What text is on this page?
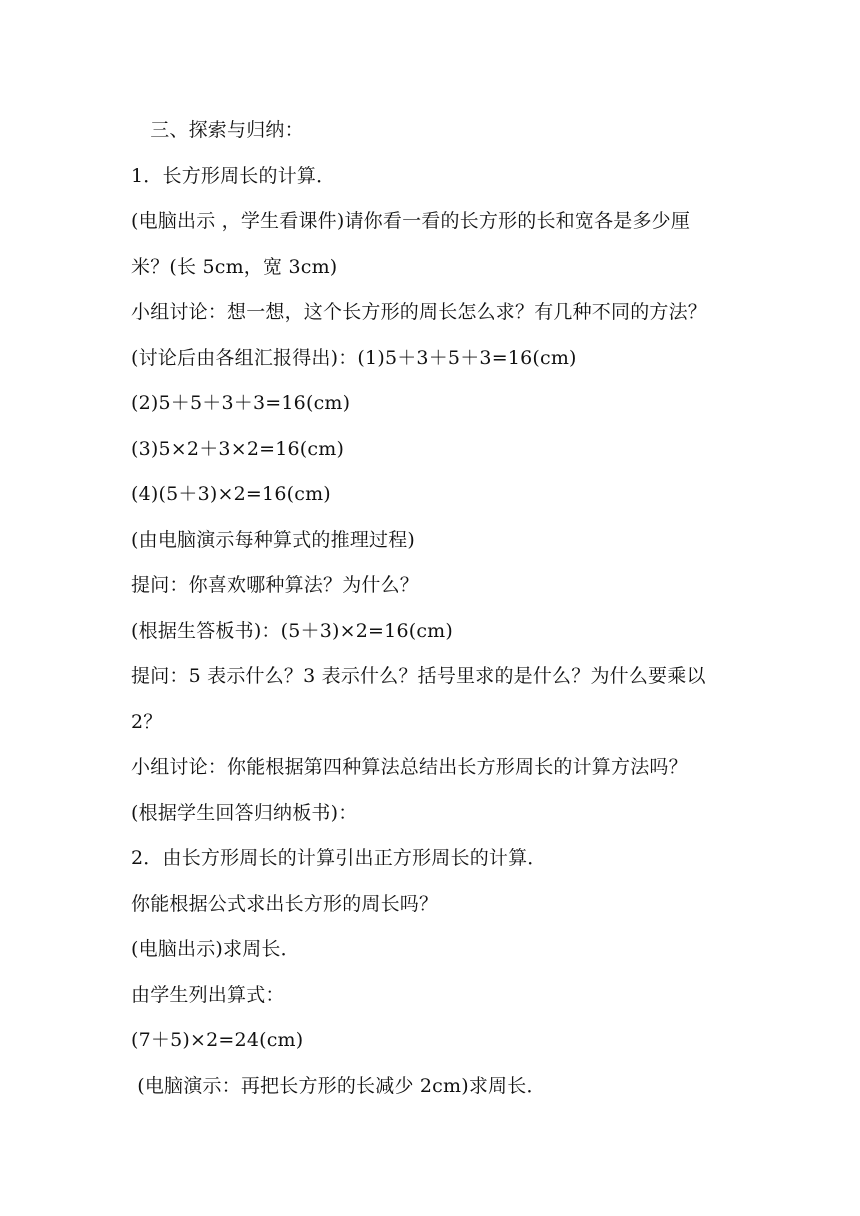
　三、探索与归纳：
1．长方形周长的计算．
(电脑出示 ，学生看课件)请你看一看的长方形的长和宽各是多少厘
米？(长 5cm，宽 3cm)
小组讨论：想一想，这个长方形的周长怎么求？有几种不同的方法？
(讨论后由各组汇报得出)：(1)5＋3＋5＋3=16(cm)
(2)5＋5＋3＋3=16(cm)
(3)5×2＋3×2=16(cm)
(4)(5＋3)×2=16(cm)
(由电脑演示每种算式的推理过程)
提问：你喜欢哪种算法？为什么？
(根据生答板书)：(5＋3)×2=16(cm)
提问：5 表示什么？3 表示什么？括号里求的是什么？为什么要乘以
2？
小组讨论：你能根据第四种算法总结出长方形周长的计算方法吗？
(根据学生回答归纳板书)：
2．由长方形周长的计算引出正方形周长的计算．
你能根据公式求出长方形的周长吗？
(电脑出示)求周长．
由学生列出算式：
(7＋5)×2=24(cm)
(电脑演示：再把长方形的长减少 2cm)求周长．
